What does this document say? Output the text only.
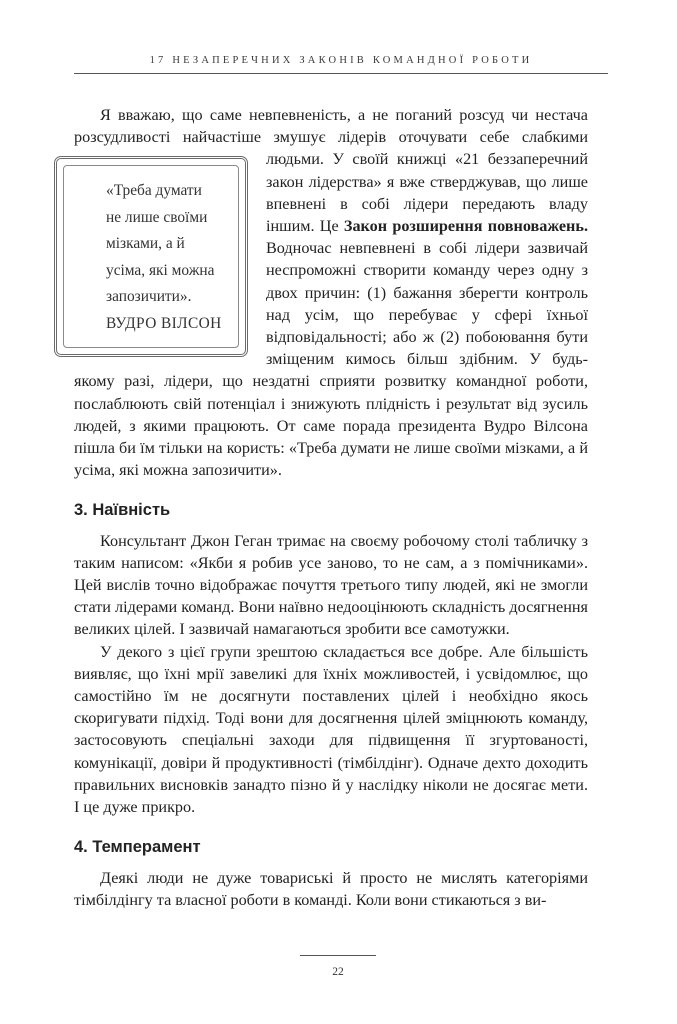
17 НЕЗАПЕРЕЧНИХ ЗАКОНІВ КОМАНДНОЇ РОБОТИ

Я вважаю, що саме невпевненість, а не поганий розсуд чи нестача розсудливості найчастіше змушує лідерів оточувати себе слабкими
«Треба думати
не лише своїми
мізками, а й
усіма, які можна
запозичити».
ВУДРО ВІЛСОН
людьми. У своїй книжці «21 беззаперечний закон лідерства» я вже стверджував, що лише впевнені в собі лідери передають владу іншим. Це Закон розширення повноважень. Водночас невпевнені в собі лідери зазвичай неспроможні створити команду через одну з двох причин: (1) бажання зберегти контроль над усім, що перебуває у сфері їхньої відповідальності; або ж (2) побоювання бути зміщеним кимось більш здібним. У будь-якому разі, лідери, що нездатні сприяти розвитку командної роботи, послаблюють свій потенціал і знижують плідність і результат від зусиль людей, з якими працюють. От саме порада президента Вудро Вілсона пішла би їм тільки на користь: «Треба думати не лише своїми мізками, а й усіма, які можна запозичити».

3. Наївність

Консультант Джон Геган тримає на своєму робочому столі табличку з таким написом: «Якби я робив усе заново, то не сам, а з помічниками». Цей вислів точно відображає почуття третього типу людей, які не змогли стати лідерами команд. Вони наївно недооцінюють складність досягнення великих цілей. І зазвичай намагаються зробити все самотужки.

У декого з цієї групи зрештою складається все добре. Але більшість виявляє, що їхні мрії завеликі для їхніх можливостей, і усвідомлює, що самостійно їм не досягнути поставлених цілей і необхідно якось скоригувати підхід. Тоді вони для досягнення цілей зміцнюють команду, застосовують спеціальні заходи для підвищення її згуртованості, комунікації, довіри й продуктивності (тімбілдінг). Одначе дехто доходить правильних висновків занадто пізно й у наслідку ніколи не досягає мети. І це дуже прикро.

4. Темперамент

Деякі люди не дуже товариські й просто не мислять категоріями тімбілдінгу та власної роботи в команді. Коли вони стикаються з ви-

22
